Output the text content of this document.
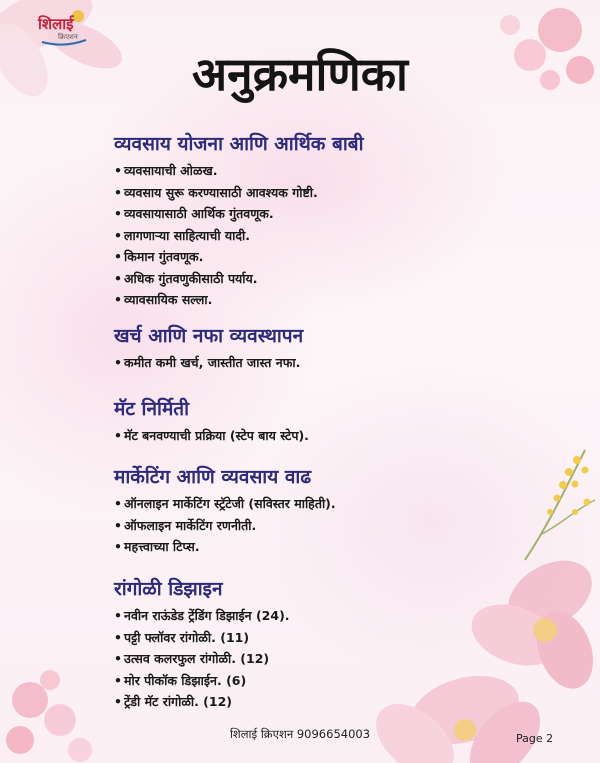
शिलाई
क्रिएशन
अनुक्रमणिका
व्यवसाय योजना आणि आर्थिक बाबी
• व्यवसायाची ओळख.
• व्यवसाय सुरू करण्यासाठी आवश्यक गोष्टी.
• व्यवसायासाठी आर्थिक गुंतवणूक.
• लागणाऱ्या साहित्याची यादी.
• किमान गुंतवणूक.
• अधिक गुंतवणुकीसाठी पर्याय.
• व्यावसायिक सल्ला.
खर्च आणि नफा व्यवस्थापन
• कमीत कमी खर्च, जास्तीत जास्त नफा.
मॅट निर्मिती
• मॅट बनवण्याची प्रक्रिया (स्टेप बाय स्टेप).
मार्केटिंग आणि व्यवसाय वाढ
• ऑनलाइन मार्केटिंग स्ट्रॅटेजी (सविस्तर माहिती).
• ऑफलाइन मार्केटिंग रणनीती.
• महत्त्वाच्या टिप्स.
रांगोळी डिझाइन
• नवीन राऊंडेड ट्रेंडिंग डिझाईन (24).
• पट्टी फ्लॉवर रांगोळी. (11)
• उत्सव कलरफुल रांगोळी. (12)
• मोर पीकॉक डिझाईन. (6)
• ट्रेंडी मॅट रांगोळी. (12)
शिलाई क्रिएशन 9096654003	Page 2
